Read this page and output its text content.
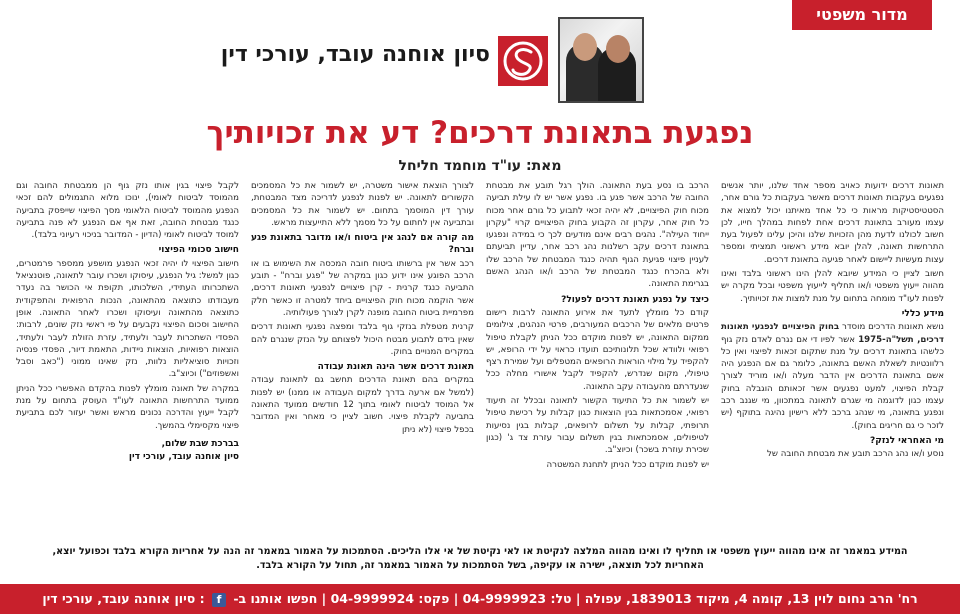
מדור משפטי
סיון אוחנה עובד, עורכי דין
נפגעת בתאונת דרכים? דע את זכויותיך
מאת: עו"ד מוחמד חליחל

תאונות דרכים ידועות כאויב מספר אחד שלנו, יותר אנשים נפגעים בעקבות תאונות דרכים מאשר בעקבות כל גורם אחר, הסטטיסטיקות מראות כי כל אחד מאיתנו יכול למצוא את עצמו מעורב בתאונת דרכים אחת לפחות במהלך חייו, לכן חשוב לכולנו לדעת מהן הזכויות שלנו והיכן עלינו לפעול בעת התרחשות תאונה, להלן יובא מידע ראשוני תמציתי ומספר עצות מעשיות ליישום לאחר פגיעה בתאונת דרכים.

חשוב לציין כי המידע שיובא להלן הינו ראשוני בלבד ואינו מהווה ייעוץ משפטי ו/או תחליף לייעוץ משפטי ובכל מקרה יש לפנות לעו"ד מומחה בתחום על מנת למצות את זכויותיך.

מידע כללי

נושא תאונות הדרכים מוסדר בחוק הפיצויים לנפגעי תאונות דרכים, תשל"ה-1975 אשר לפיו די אם נגרם לאדם נזק גוף כלשהו בתאונת דרכים על מנת שתקום זכאות לפיצוי ואין כל רלוונטיות לשאלת האשם בתאונה, כלומר גם אם הנפגע היה אשם בתאונת הדרכים אין הדבר מעלה ו/או מוריד לצורך קבלת הפיצוי, למעט נפגעים אשר זכאותם הוגבלה בחוק עצמו כגון לדוגמה מי שגרם לתאונה במתכוון, מי שגנב רכב ונפגע בתאונה, מי שנהג ברכב ללא רישיון נהיגה בתוקף (יש לזכר כי גם חריגים בחוק).

מי האחראי לנזק?

נוסע ו/או נהג הרכב תובע את מבטחת החובה של

הרכב בו נסע בעת התאונה. הולך רגל תובע את מבטחת החובה של הרכב אשר פגע בו. נפגע אשר יש לו עילת תביעה מכוח חוק הפיצויים, לא יהיה זכאי לתבוע כל גורם אחר מכוח כל חוק אחר, עקרון זה הקבוע בחוק הפיצויים קרוי "עקרון ייחוד העילה". נהגים רבים אינם מודעים לכך כי במידה ונפגעו בתאונת דרכים עקב רשלנות נהג רכב אחר, עדיין תביעתם לעניין פיצוי פגיעת הגוף תהיה כנגד המבטחת של הרכב שלו ולא בהכרח כנגד המבטחת של הרכב ו/או הנהג האשם בגרימת התאונה.

כיצד על נפגע תאונת דרכים לפעול?

קודם כל מומלץ לתעד את אירוע התאונה לרבות רישום פרטים מלאים של הרכבים המעורבים, פרטי הנהגים, צילומים ממקום התאונה, יש לפנות מוקדם ככל הניתן לקבלת טיפול רפואי ולוודא שכל תלונותיכם תועדו כראוי על ידי הרופא, יש להקפיד על מילוי הוראות הרופאים המטפלים ועל שמירת רצף טיפולי, מקום שנדרש, להקפיד לקבל אישורי מחלה ככל שנעדרתם מהעבודה עקב התאונה.

יש לשמור את כל התיעוד הקשור לתאונה ובכלל זה תיעוד רפואי, אסמכתאות בגין הוצאות כגון קבלות על רכישת טיפול תרופתי, קבלות על תשלום לרופאים, קבלות בגין נסיעות לטיפולים, אסמכתאות בגין תשלום עבור עזרת צד ג' (כגון שכירת עוזרת בשכר) וכיוצ"ב.

יש לפנות מוקדם ככל הניתן לתחנת המשטרה

לצורך הוצאת אישור משטרה, יש לשמור את כל המסמכים הקשורים לתאונה. יש לפנות לנפגע לדריכה מצד המבטחת, עורך דין המוסמך בתחום. יש לשמור את כל המסמכים ובתביעה אין לחתום על כל מסמך ללא התייעצות מראש.

מה קורה אם לנהג אין ביטוח ו/או מדובר בתאונת פגע וברח?

רכב אשר אין ברשותו ביטוח חובה המכסה את השימוש בו או הרכב הפוגע אינו ידוע כגון במקרה של "פגע וברח" - תובע התביעה כנגד קרנית - קרן פיצויים לנפגעי תאונות דרכים, אשר הוקמה מכוח חוק הפיצויים ביחד למטרה זו כאשר חלק מפרמיית ביטוח החובה מופנה לקרן לצורך פעולותיה.

קרנית מטפלת בנזקי גוף בלבד ומפצה נפגעי תאונות דרכים שאין בידם לתבוע מבטח היכול לפצותם על הנזק שנגרם להם במקרים המנויים בחוק.

תאונת דרכים אשר הינה תאונת עבודה

במקרים בהם תאונת הדרכים תחשב גם לתאונת עבודה (למשל אם ארעה בדרך למקום העבודה או ממנו) יש לפנות אל המוסד לביטוח לאומי בתוך 12 חודשים ממועד התאונה בתביעה לקבלת פיצוי. חשוב לציין כי מאחר ואין המדובר בכפל פיצוי (לא ניתן

לקבל פיצוי בגין אותו נזק גוף הן ממבטחת החובה וגם מהמוסד לביטוח לאומי), ינוכו מלוא התגמולים להם זכאי הנפגע מהמוסד לביטוח הלאומי מסך הפיצוי שייפסק בתביעה כנגד מבטחת החובה, זאת אף אם הנפגע לא פנה בתביעה למוסד לביטוח לאומי (הדיון - המדובר בניכוי רעיוני בלבד).

חישוב סכומי הפיצוי

חישוב הפיצוי לו יהיה זכאי הנפגע מושפע ממספר פרמטרים, כגון למשל: גיל הנפגע, עיסוקו ושכרו עובר לתאונה, פוטנציאל השתכרותו העתידי, השלכותו, תקופת אי הכושר בה נעדר מעבודתו כתוצאה מהתאונה, הנכות הרפואית והתפקודית כתוצאה מהתאונה ועיסוקו ושכרו לאחר התאונה. אופן החישוב וסכום הפיצוי נקבעים על פי ראשי נזק שונים, לרבות: הפסדי השתכרות לעבר ולעתיד, עזרת הזולת לעבר ולעתיד, הוצאות רפואיות, הוצאות ניידות, התאמת דיור, הפסדי פנסיה וזכויות סוציאליות נלוות, נזק שאינו ממוני ("כאב וסבל ואשפוזים") וכיוצ"ב.

במקרה של תאונה מומלץ לפנות בהקדם האפשרי ככל הניתן ממועד התרחשות התאונה לעו"ד העוסק בתחום על מנת לקבל ייעוץ והדרכה נכונים מראש ואשר יעזור לכם בתביעת פיצוי מקסימלי בהמשך.

בברכת שבת שלום,
סיון אוחנה עובד, עורכי דין
המידע במאמר זה אינו מהווה ייעוץ משפטי או תחליף לו ואינו מהווה המלצה לנקיטת או לאי נקיטת של אי אלו הליכים. הסתמכות על האמור במאמר זה הנה על אחריות הקורא בלבד וכפועל יוצא, האחריות לכל תוצאה, ישירה או עקיפה, בשל הסתמכות על האמור במאמר זה, תחול על הקורא בלבד.
רח' הרב נחום לוין 13, קומה 4, מיקוד 1839013, עפולה | טל: 04-9999923 | פקס: 04-9999924 | חפשו אותנו ב- f : סיון אוחנה עובד, עורכי דין
